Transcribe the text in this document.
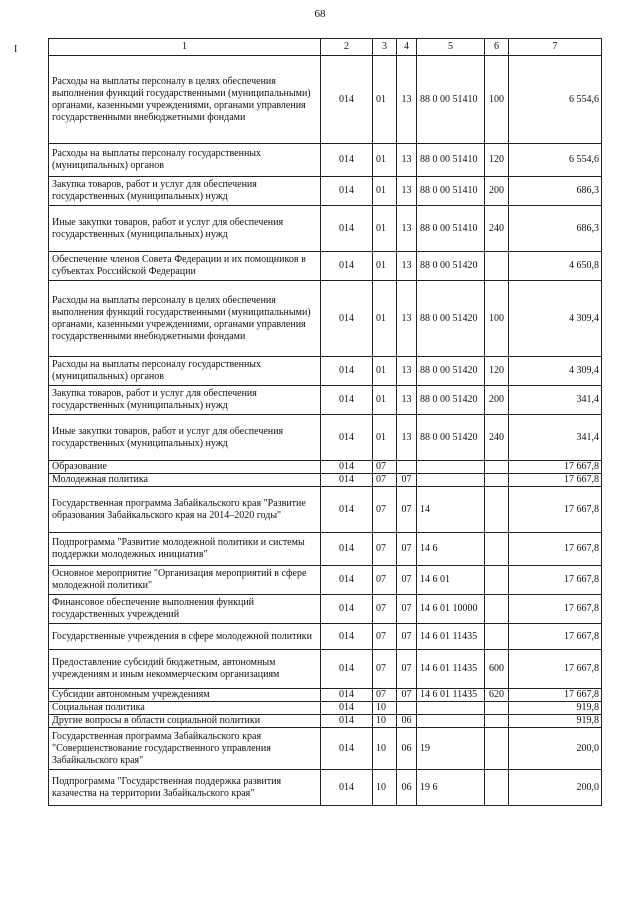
68
I	1	2	3	4	5	6	7
Расходы на выплаты персоналу в целях обеспечения выполнения функций государственными (муниципальными) органами, казенными учреждениями, органами управления государственными внебюджетными фондами	014	01	13	88 0 00 51410	100	6 554,6
Расходы на выплаты персоналу государственных (муниципальных) органов	014	01	13	88 0 00 51410	120	6 554,6
Закупка товаров, работ и услуг для обеспечения государственных (муниципальных) нужд	014	01	13	88 0 00 51410	200	686,3
Иные закупки товаров, работ и услуг для обеспечения государственных (муниципальных) нужд	014	01	13	88 0 00 51410	240	686,3
Обеспечение членов Совета Федерации и их помощников в субъектах Российской Федерации	014	01	13	88 0 00 51420		4 650,8
Расходы на выплаты персоналу в целях обеспечения выполнения функций государственными (муниципальными) органами, казенными учреждениями, органами управления государственными внебюджетными фондами	014	01	13	88 0 00 51420	100	4 309,4
Расходы на выплаты персоналу государственных (муниципальных) органов	014	01	13	88 0 00 51420	120	4 309,4
Закупка товаров, работ и услуг для обеспечения государственных (муниципальных) нужд	014	01	13	88 0 00 51420	200	341,4
Иные закупки товаров, работ и услуг для обеспечения государственных (муниципальных) нужд	014	01	13	88 0 00 51420	240	341,4
Образование	014	07				17 667,8
Молодежная политика	014	07	07			17 667,8
Государственная программа Забайкальского края "Развитие образования Забайкальского края на 2014–2020 годы"	014	07	07	14		17 667,8
Подпрограмма "Развитие молодежной политики и системы поддержки молодежных инициатив"	014	07	07	14 6		17 667,8
Основное мероприятие "Организация мероприятий в сфере молодежной политики"	014	07	07	14 6 01		17 667,8
Финансовое обеспечение выполнения функций государственных учреждений	014	07	07	14 6 01 10000		17 667,8
Государственные учреждения в сфере молодежной политики	014	07	07	14 6 01 11435		17 667,8
Предоставление субсидий бюджетным, автономным учреждениям и иным некоммерческим организациям	014	07	07	14 6 01 11435	600	17 667,8
Субсидии автономным учреждениям	014	07	07	14 6 01 11435	620	17 667,8
Социальная политика	014	10				919,8
Другие вопросы в области социальной политики	014	10	06			919,8
Государственная программа Забайкальского края "Совершенствование государственного управления Забайкальского края"	014	10	06	19		200,0
Подпрограмма "Государственная поддержка развития казачества на территории Забайкальского края"	014	10	06	19 6		200,0
